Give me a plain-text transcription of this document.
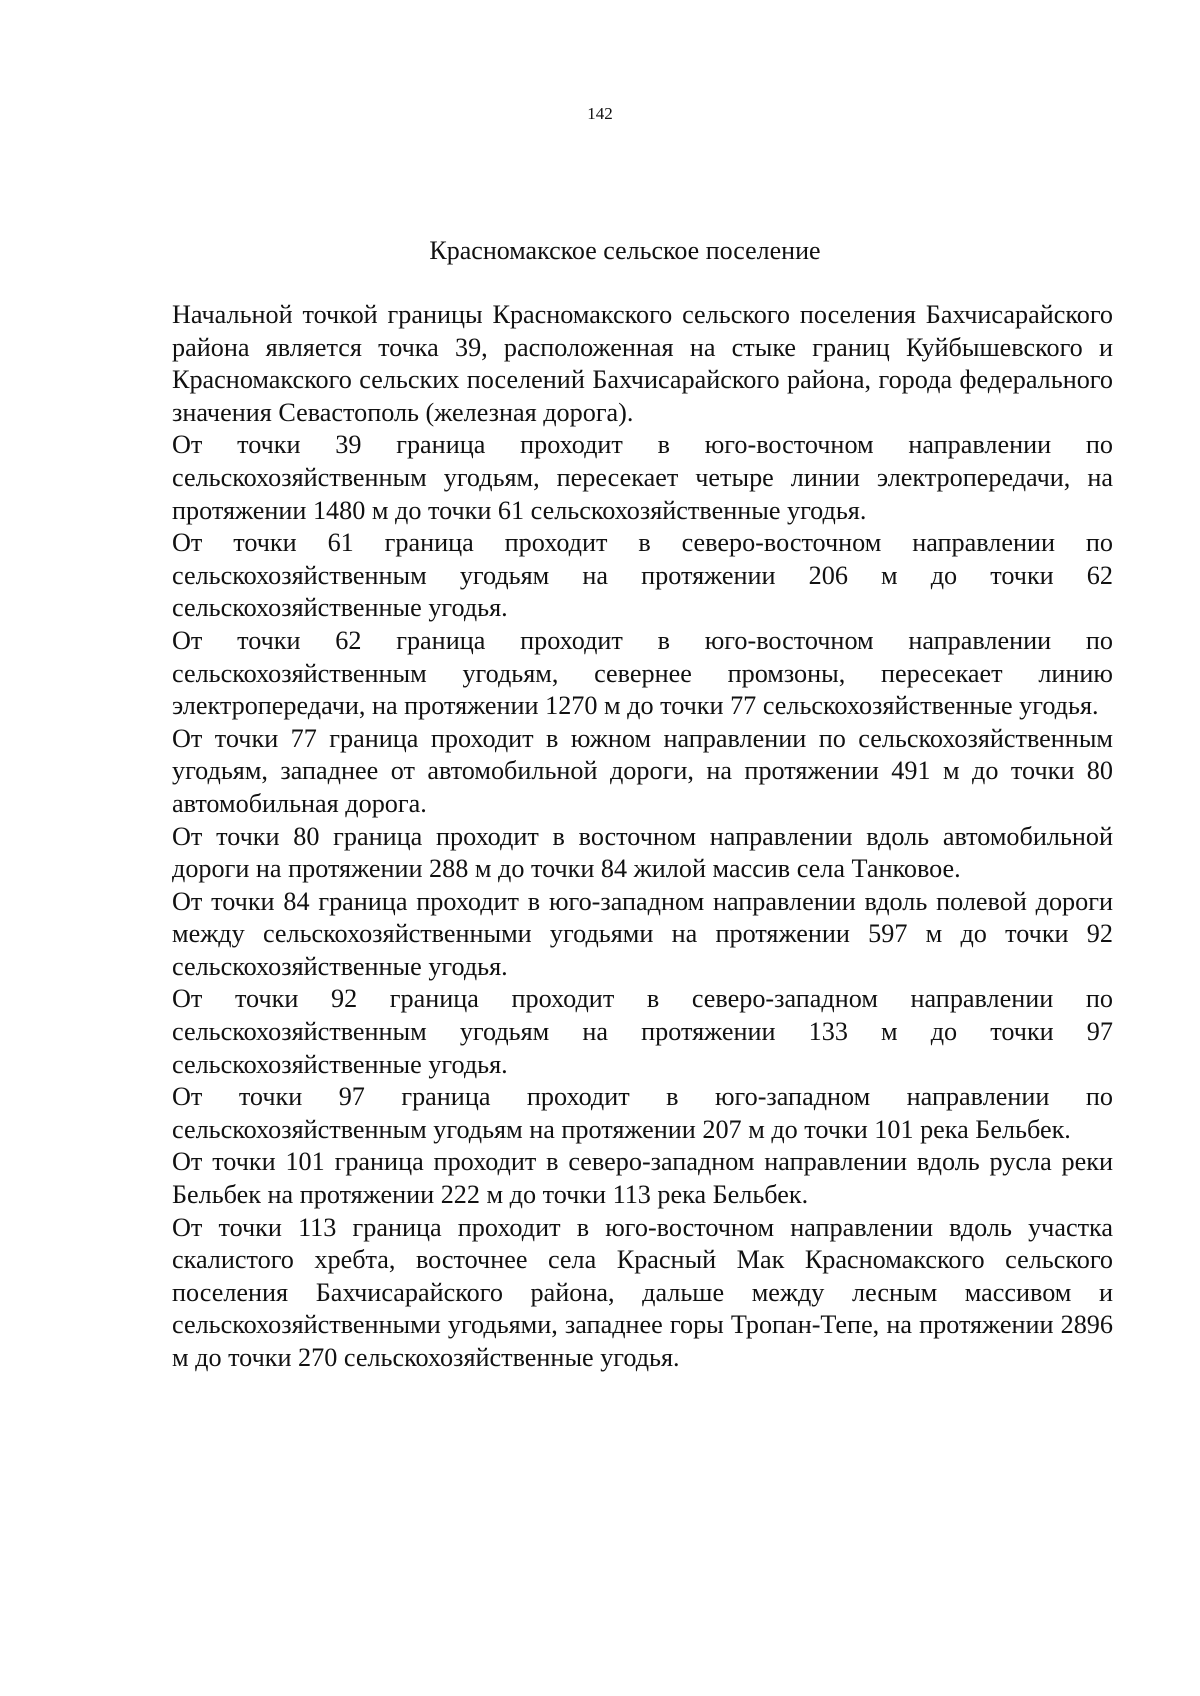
142
Красномакское сельское поселение

Начальной точкой границы Красномакского сельского поселения Бахчисарайского района является точка 39, расположенная на стыке границ Куйбышевского и Красномакского сельских поселений Бахчисарайского района, города федерального значения Севастополь (железная дорога).

От точки 39 граница проходит в юго-восточном направлении по сельскохозяйственным угодьям, пересекает четыре линии электропередачи, на протяжении 1480 м до точки 61 сельскохозяйственные угодья.

От точки 61 граница проходит в северо-восточном направлении по сельскохозяйственным угодьям на протяжении 206 м до точки 62 сельскохозяйственные угодья.

От точки 62 граница проходит в юго-восточном направлении по сельскохозяйственным угодьям, севернее промзоны, пересекает линию электропередачи, на протяжении 1270 м до точки 77 сельскохозяйственные угодья.

От точки 77 граница проходит в южном направлении по сельскохозяйственным угодьям, западнее от автомобильной дороги, на протяжении 491 м до точки 80 автомобильная дорога.

От точки 80 граница проходит в восточном направлении вдоль автомобильной дороги на протяжении 288 м до точки 84 жилой массив села Танковое.

От точки 84 граница проходит в юго-западном направлении вдоль полевой дороги между сельскохозяйственными угодьями на протяжении 597 м до точки 92 сельскохозяйственные угодья.

От точки 92 граница проходит в северо-западном направлении по сельскохозяйственным угодьям на протяжении 133 м до точки 97 сельскохозяйственные угодья.

От точки 97 граница проходит в юго-западном направлении по сельскохозяйственным угодьям на протяжении 207 м до точки 101 река Бельбек.

От точки 101 граница проходит в северо-западном направлении вдоль русла реки Бельбек на протяжении 222 м до точки 113 река Бельбек.

От точки 113 граница проходит в юго-восточном направлении вдоль участка скалистого хребта, восточнее села Красный Мак Красномакского сельского поселения Бахчисарайского района, дальше между лесным массивом и сельскохозяйственными угодьями, западнее горы Тропан-Тепе, на протяжении 2896 м до точки 270 сельскохозяйственные угодья.
